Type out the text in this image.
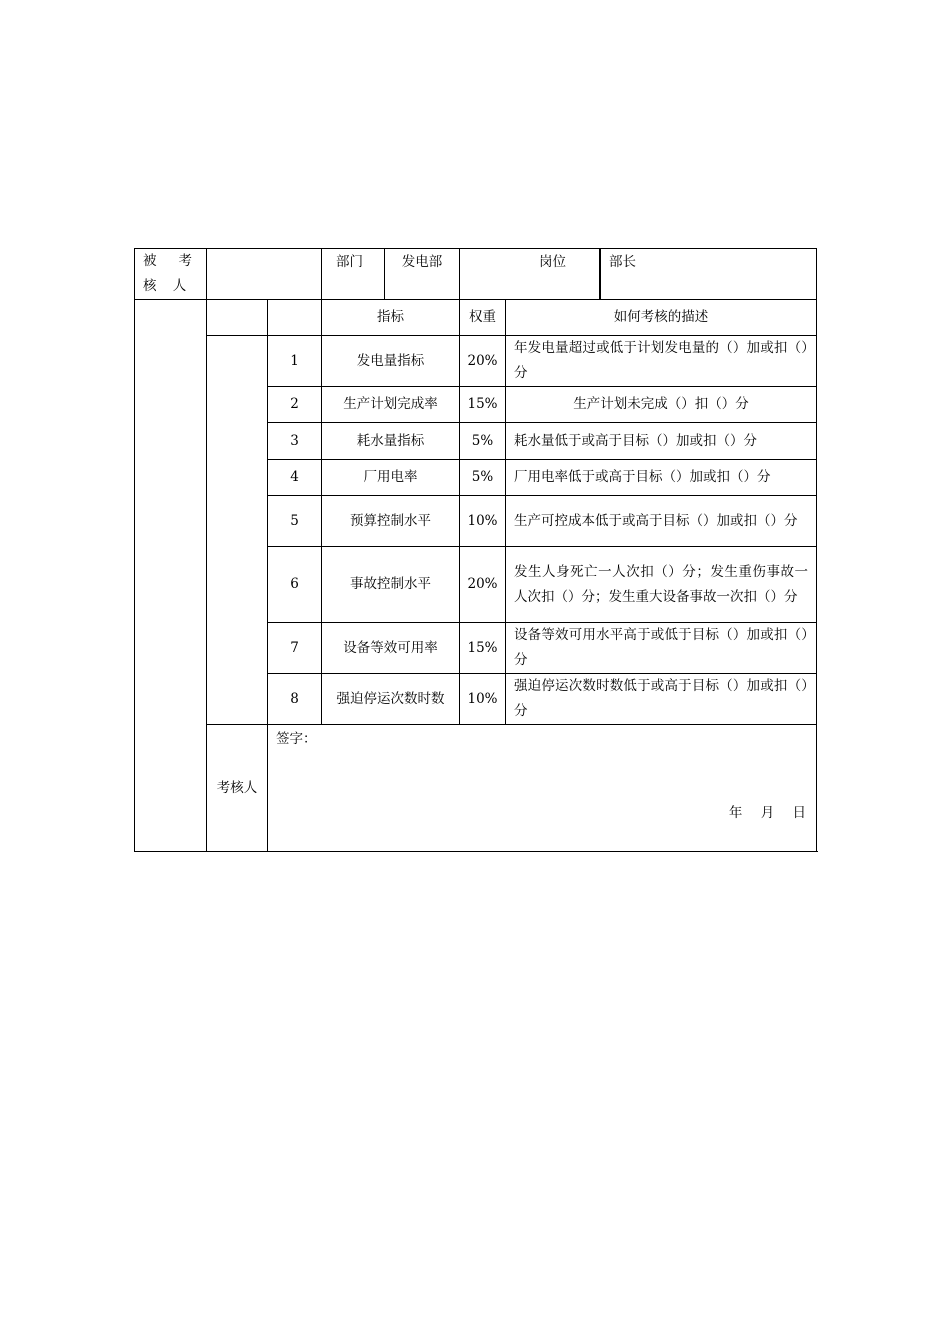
被 考 核 人			部门 发电部	岗位		部长
			指标	权重	如何考核的描述	
		1	发电量指标	20%	年发电量超过或低于计划发电量的（）加或扣（）分	
		2	生产计划完成率	15%	生产计划未完成（）扣（）分	
		3	耗水量指标	5%	耗水量低于或高于目标（）加或扣（）分	
		4	厂用电率	5%	厂用电率低于或高于目标（）加或扣（）分	
		5	预算控制水平	10%	生产可控成本低于或高于目标（）加或扣（）分	
		6	事故控制水平	20%	发生人身死亡一人次扣（）分；发生重伤事故一人次扣（）分；发生重大设备事故一次扣（）分	
		7	设备等效可用率	15%	设备等效可用水平高于或低于目标（）加或扣（）分	
		8	强迫停运次数时数	10%	强迫停运次数时数低于或高于目标（）加或扣（）分	
	考核人	签字：
年 月 日				
